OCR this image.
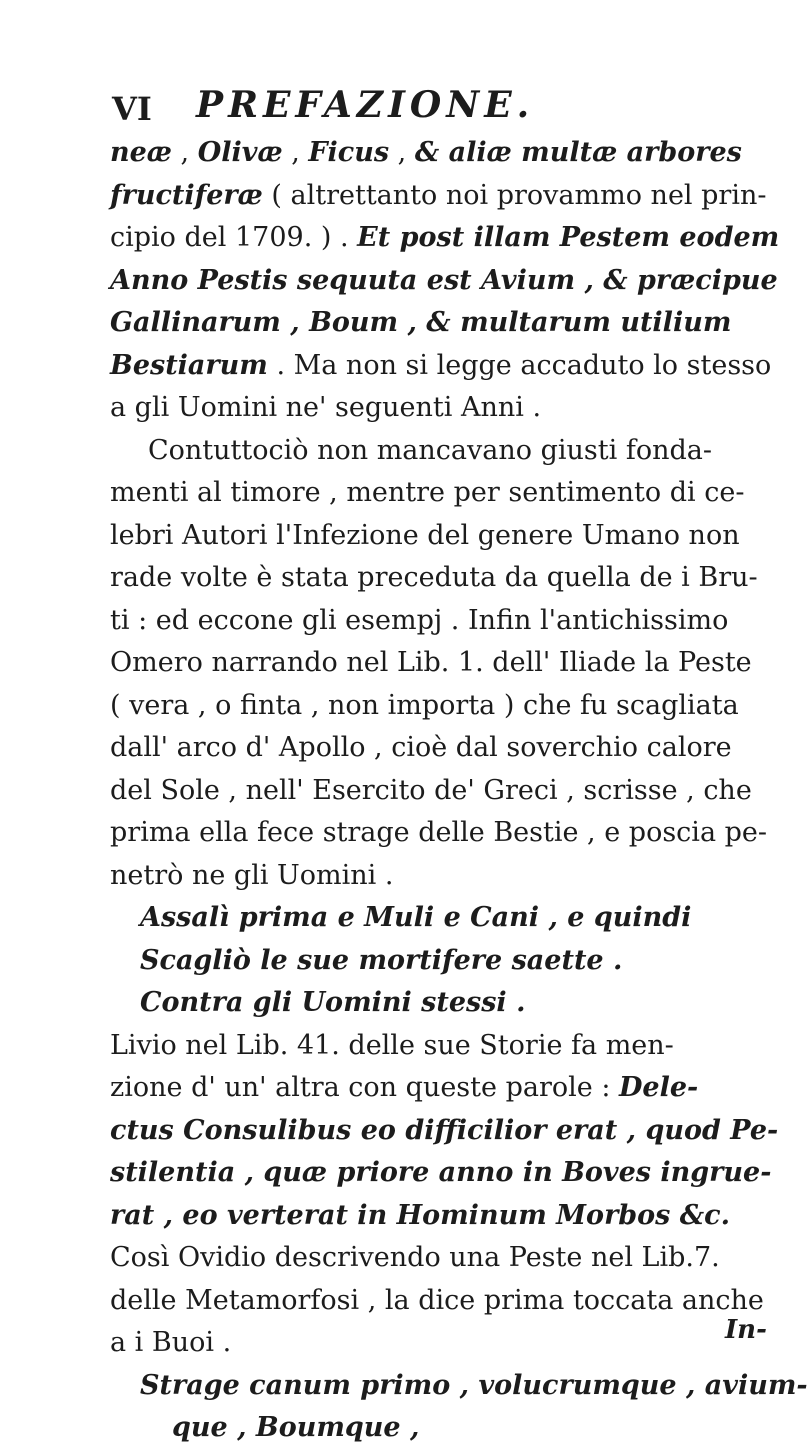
VI PREFAZIONE.
neæ , Olivæ , Ficus , & aliæ multæ arbores
fructiferæ ( altrettanto noi provammo nel prin-
cipio del 1709. ) . Et post illam Pestem eodem
Anno Pestis sequuta est Avium , & præcipue
Gallinarum , Boum , & multarum utilium
Bestiarum . Ma non si legge accaduto lo stesso
a gli Uomini ne' seguenti Anni .
Contuttociò non mancavano giusti fonda-
menti al timore , mentre per sentimento di ce-
lebri Autori l'Infezione del genere Umano non
rade volte è stata preceduta da quella de i Bru-
ti : ed eccone gli esempj . Infin l'antichissimo
Omero narrando nel Lib. 1. dell' Iliade la Peste
( vera , o finta , non importa ) che fu scagliata
dall' arco d' Apollo , cioè dal soverchio calore
del Sole , nell' Esercito de' Greci , scrisse , che
prima ella fece strage delle Bestie , e poscia pe-
netrò ne gli Uomini .
Assalì prima e Muli e Cani , e quindi
Scagliò le sue mortifere saette .
Contra gli Uomini stessi .
Livio nel Lib. 41. delle sue Storie fa men-
zione d' un' altra con queste parole : Dele-
ctus Consulibus eo difficilior erat , quod Pe-
stilentia , quæ priore anno in Boves ingrue-
rat , eo verterat in Hominum Morbos &c.
Così Ovidio descrivendo una Peste nel Lib.7.
delle Metamorfosi , la dice prima toccata anche
a i Buoi .
Strage canum primo , volucrumque , avium-
que , Boumque ,
In-
